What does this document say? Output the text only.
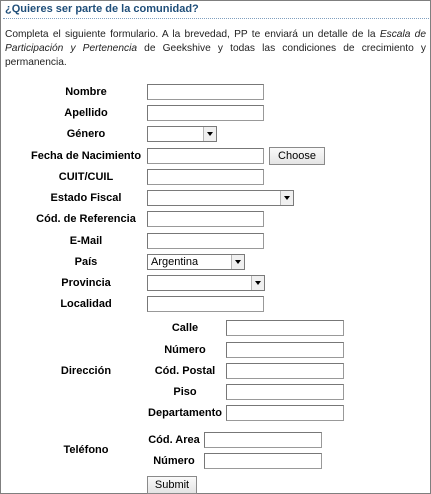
¿Quieres ser parte de la comunidad?
Completa el siguiente formulario. A la brevedad, PP te enviará un detalle de la Escala de Participación y Pertenencia de Geekshive y todas las condiciones de crecimiento y permanencia.
Nombre
Apellido
Género
Fecha de Nacimiento
CUIT/CUIL
Estado Fiscal
Cód. de Referencia
E-Mail
País
Provincia
Localidad
Dirección
Teléfono
Choose
Argentina
Calle
Número
Cód. Postal
Piso
Departamento
Cód. Area
Número
Submit
